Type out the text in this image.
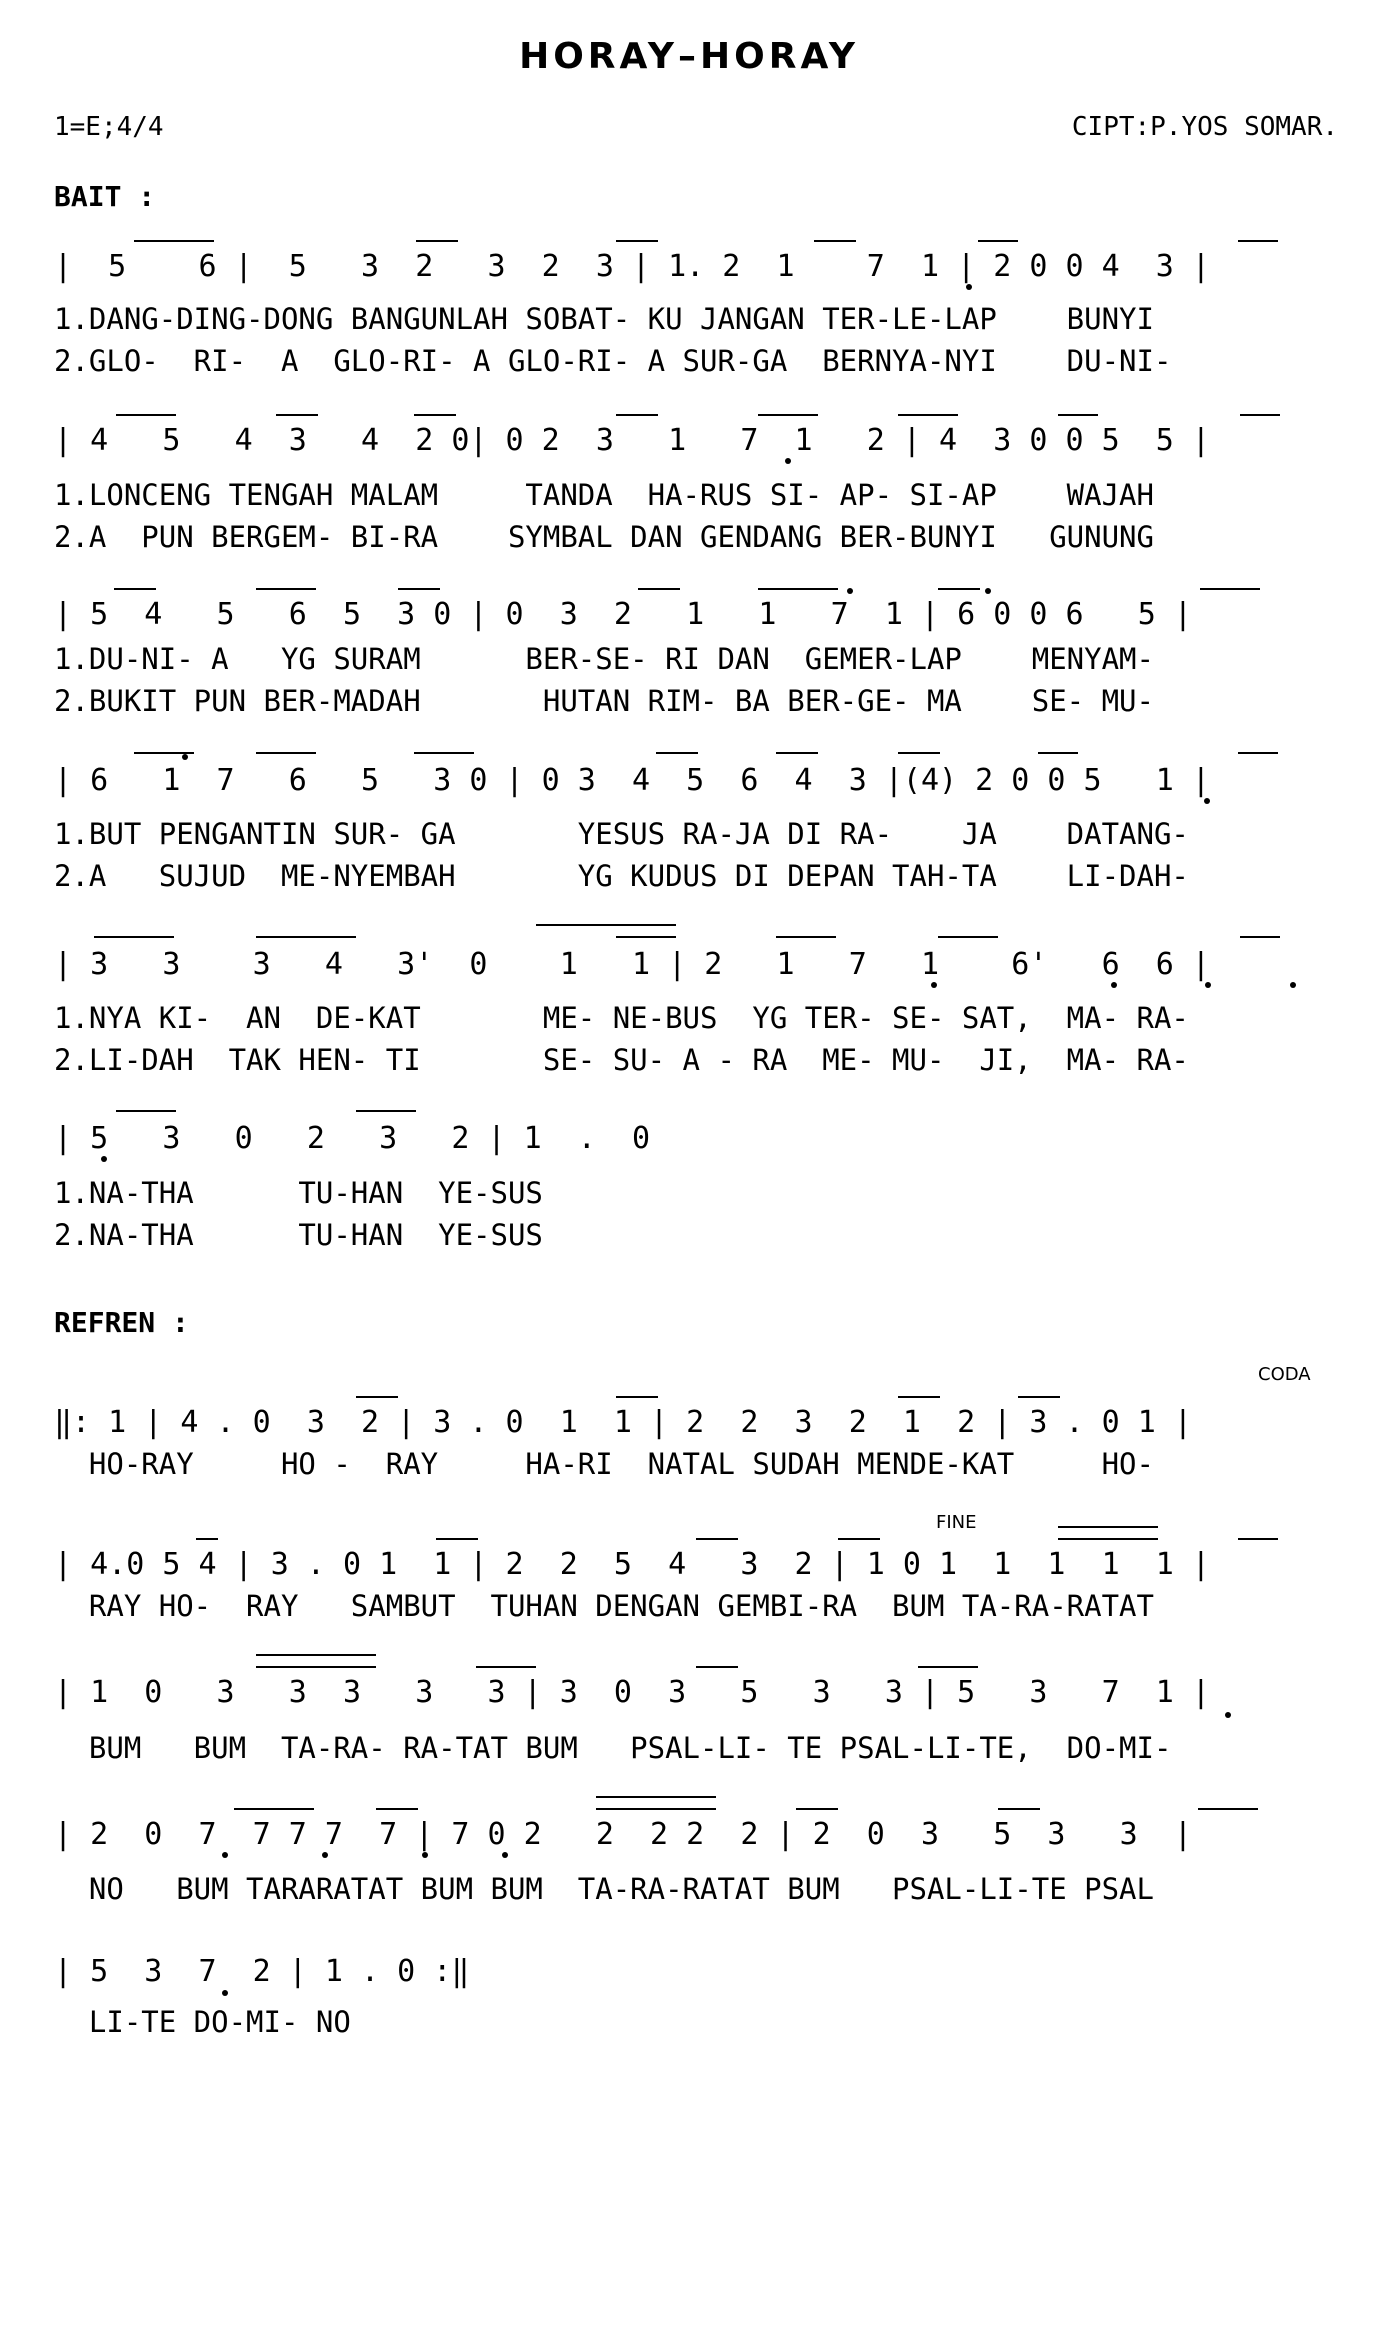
HORAY–HORAY
1=E;4/4	CIPT:P.YOS SOMAR.
BAIT :
|  5    6 |  5   3  2   3  2  3 | 1. 2  1    7  1 | 2 0 0 4  3 |
1.DANG-DING-DONG BANGUNLAH SOBAT- KU JANGAN TER-LE-LAP    BUNYI
2.GLO-  RI-  A  GLO-RI- A GLO-RI- A SUR-GA  BERNYA-NYI    DU-NI-
| 4   5   4  3   4  2 0| 0 2  3   1   7  1   2 | 4  3 0 0 5  5 |
1.LONCENG TENGAH MALAM     TANDA  HA-RUS SI- AP- SI-AP    WAJAH
2.A  PUN BERGEM- BI-RA    SYMBAL DAN GENDANG BER-BUNYI   GUNUNG
| 5  4   5   6  5  3 0 | 0  3  2   1   1   7  1 | 6 0 0 6   5 |
1.DU-NI- A   YG SURAM      BER-SE- RI DAN  GEMER-LAP    MENYAM-
2.BUKIT PUN BER-MADAH       HUTAN RIM- BA BER-GE- MA    SE- MU-
| 6   1  7   6   5   3 0 | 0 3  4  5  6  4  3 |(4) 2 0 0 5   1 |
1.BUT PENGANTIN SUR- GA       YESUS RA-JA DI RA-    JA    DATANG-
2.A   SUJUD  ME-NYEMBAH       YG KUDUS DI DEPAN TAH-TA    LI-DAH-
| 3   3    3   4   3'  0    1   1 | 2   1   7   1    6'   6  6 |
1.NYA KI-  AN  DE-KAT       ME- NE-BUS  YG TER- SE- SAT,  MA- RA-
2.LI-DAH  TAK HEN- TI       SE- SU- A - RA  ME- MU-  JI,  MA- RA-
| 5   3   0   2   3   2 | 1  .  0
1.NA-THA      TU-HAN  YE-SUS
2.NA-THA      TU-HAN  YE-SUS
REFREN :
CODA
‖: 1 | 4 . 0  3  2 | 3 . 0  1  1 | 2  2  3  2  1  2 | 3 . 0 1 |
HO-RAY     HO -  RAY     HA-RI  NATAL SUDAH MENDE-KAT     HO-
FINE
| 4.0 5 4 | 3 . 0 1  1 | 2  2  5  4   3  2 | 1 0 1  1  1  1  1 |
RAY HO-  RAY   SAMBUT  TUHAN DENGAN GEMBI-RA  BUM TA-RA-RATAT
| 1  0   3   3  3   3   3 | 3  0  3   5   3   3 | 5   3   7  1 |
BUM   BUM  TA-RA- RA-TAT BUM   PSAL-LI- TE PSAL-LI-TE,  DO-MI-
| 2  0  7  7 7 7  7 | 7 0 2   2  2 2  2 | 2  0  3   5  3   3  |
NO   BUM TARARATAT BUM BUM  TA-RA-RATAT BUM   PSAL-LI-TE PSAL
| 5  3  7  2 | 1 . 0 :‖
LI-TE DO-MI- NO
